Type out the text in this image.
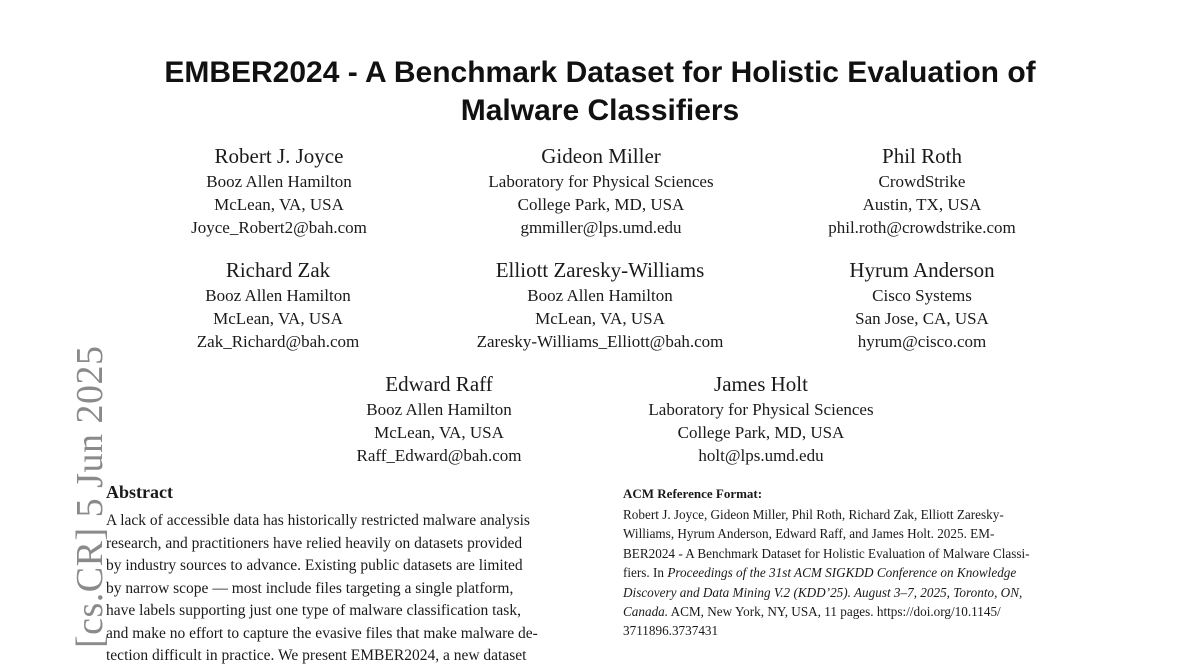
EMBER2024 - A Benchmark Dataset for Holistic Evaluation of
Malware Classifiers
Robert J. Joyce
Booz Allen Hamilton
McLean, VA, USA
Joyce_Robert2@bah.com
Gideon Miller
Laboratory for Physical Sciences
College Park, MD, USA
gmmiller@lps.umd.edu
Phil Roth
CrowdStrike
Austin, TX, USA
phil.roth@crowdstrike.com
Richard Zak
Booz Allen Hamilton
McLean, VA, USA
Zak_Richard@bah.com
Elliott Zaresky-Williams
Booz Allen Hamilton
McLean, VA, USA
Zaresky-Williams_Elliott@bah.com
Hyrum Anderson
Cisco Systems
San Jose, CA, USA
hyrum@cisco.com
Edward Raff
Booz Allen Hamilton
McLean, VA, USA
Raff_Edward@bah.com
James Holt
Laboratory for Physical Sciences
College Park, MD, USA
holt@lps.umd.edu
[cs.CR] 5 Jun 2025
Abstract
A lack of accessible data has historically restricted malware analysis
research, and practitioners have relied heavily on datasets provided
by industry sources to advance. Existing public datasets are limited
by narrow scope — most include files targeting a single platform,
have labels supporting just one type of malware classification task,
and make no effort to capture the evasive files that make malware de-
tection difficult in practice. We present EMBER2024, a new dataset
ACM Reference Format:
Robert J. Joyce, Gideon Miller, Phil Roth, Richard Zak, Elliott Zaresky-
Williams, Hyrum Anderson, Edward Raff, and James Holt. 2025. EM-
BER2024 - A Benchmark Dataset for Holistic Evaluation of Malware Classi-
fiers. In Proceedings of the 31st ACM SIGKDD Conference on Knowledge
Discovery and Data Mining V.2 (KDD’25). August 3–7, 2025, Toronto, ON,
Canada. ACM, New York, NY, USA, 11 pages. https://doi.org/10.1145/
3711896.3737431
